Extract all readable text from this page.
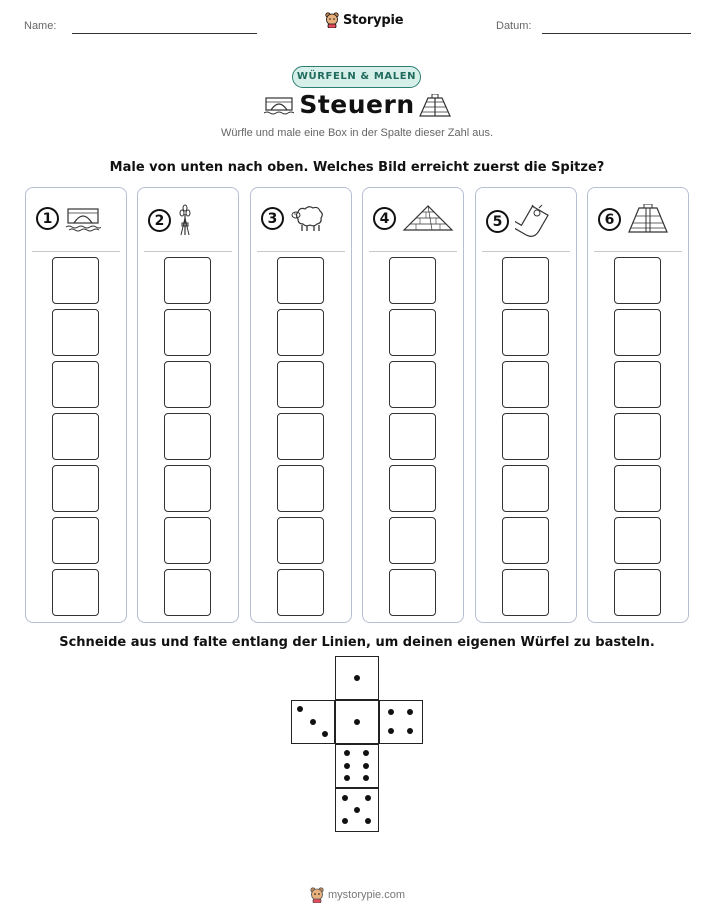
Name:	Storypie	Datum:
WÜRFELN & MALEN
Steuern
Würfle und male eine Box in der Spalte dieser Zahl aus.
Male von unten nach oben. Welches Bild erreicht zuerst die Spitze?
1	2	3	4	5	6
Schneide aus und falte entlang der Linien, um deinen eigenen Würfel zu basteln.
mystorypie.com
